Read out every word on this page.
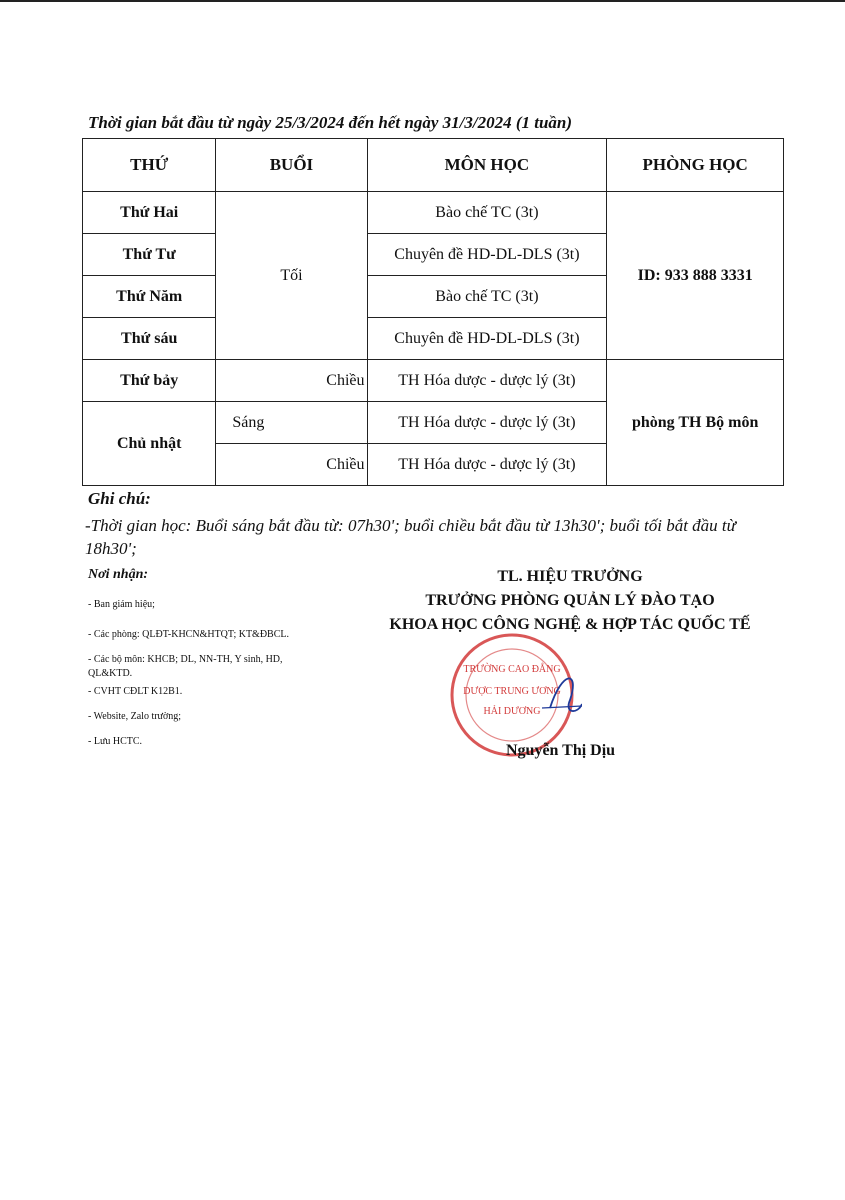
Thời gian bắt đầu từ ngày 25/3/2024 đến hết ngày 31/3/2024 (1 tuần)
THỨ	BUỔI	MÔN HỌC	PHÒNG HỌC
Thứ Hai	Tối	Bào chế TC (3t)	ID: 933 888 3331
Thứ Tư		Chuyên đề HD-DL-DLS (3t)	
Thứ Năm		Bào chế TC (3t)	
Thứ sáu		Chuyên đề HD-DL-DLS (3t)	
Thứ bảy	Chiều	TH Hóa dược - dược lý (3t)	phòng TH Bộ môn
Chủ nhật	Sáng	TH Hóa dược - dược lý (3t)	
	Chiều	TH Hóa dược - dược lý (3t)	
Ghi chú:
-Thời gian học: Buổi sáng bắt đầu từ: 07h30'; buổi chiều bắt đầu từ 13h30'; buổi tối bắt đầu từ 18h30';
Nơi nhận:
- Ban giám hiệu;
- Các phòng: QLĐT-KHCN&HTQT; KT&ĐBCL.
- Các bộ môn: KHCB; DL, NN-TH, Y sinh, HD, QL&KTD.
- CVHT CĐLT K12B1.
- Website, Zalo trường;
- Lưu HCTC.
TL. HIỆU TRƯỞNG
TRƯỞNG PHÒNG QUẢN LÝ ĐÀO TẠO
KHOA HỌC CÔNG NGHỆ & HỢP TÁC QUỐC TẾ
TRƯỜNG CAO ĐẲNG
DƯỢC TRUNG ƯƠNG
HẢI DƯƠNG
Nguyễn Thị Dịu
